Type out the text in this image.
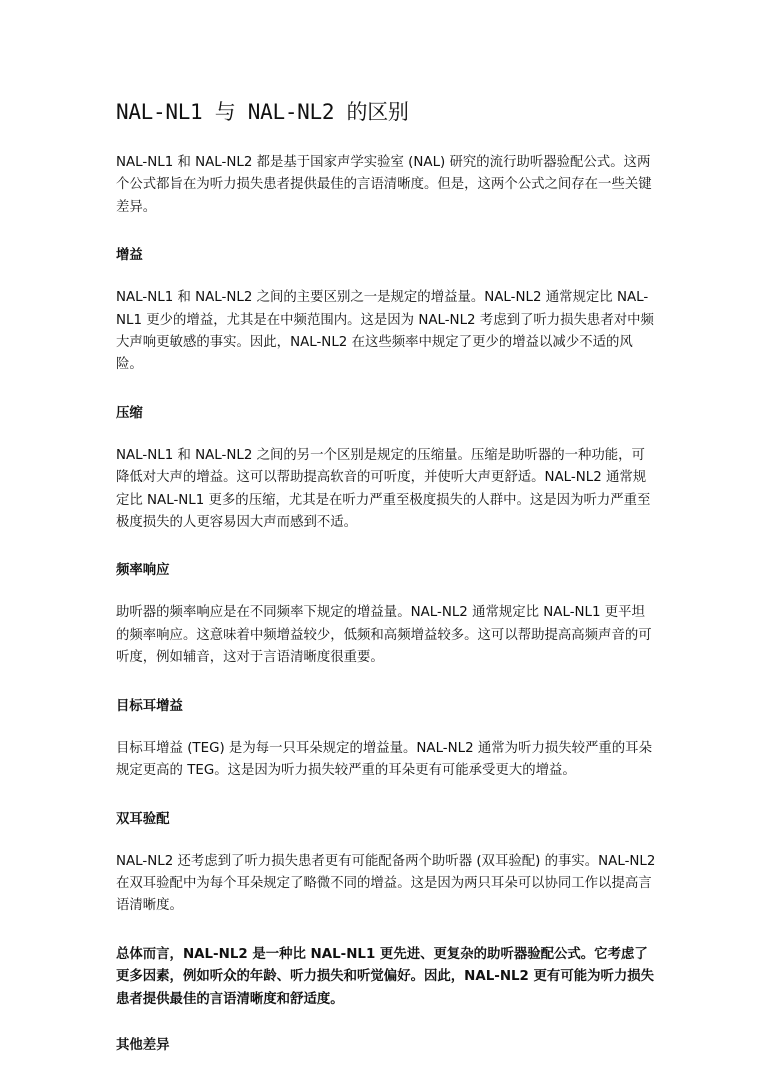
NAL-NL1 与 NAL-NL2 的区别

NAL-NL1 和 NAL-NL2 都是基于国家声学实验室 (NAL) 研究的流行助听器验配公式。这两个公式都旨在为听力损失患者提供最佳的言语清晰度。但是，这两个公式之间存在一些关键差异。

增益

NAL-NL1 和 NAL-NL2 之间的主要区别之一是规定的增益量。NAL-NL2 通常规定比 NAL-NL1 更少的增益，尤其是在中频范围内。这是因为 NAL-NL2 考虑到了听力损失患者对中频大声响更敏感的事实。因此，NAL-NL2 在这些频率中规定了更少的增益以减少不适的风险。

压缩

NAL-NL1 和 NAL-NL2 之间的另一个区别是规定的压缩量。压缩是助听器的一种功能，可降低对大声的增益。这可以帮助提高软音的可听度，并使听大声更舒适。NAL-NL2 通常规定比 NAL-NL1 更多的压缩，尤其是在听力严重至极度损失的人群中。这是因为听力严重至极度损失的人更容易因大声而感到不适。

频率响应

助听器的频率响应是在不同频率下规定的增益量。NAL-NL2 通常规定比 NAL-NL1 更平坦的频率响应。这意味着中频增益较少，低频和高频增益较多。这可以帮助提高高频声音的可听度，例如辅音，这对于言语清晰度很重要。

目标耳增益

目标耳增益 (TEG) 是为每一只耳朵规定的增益量。NAL-NL2 通常为听力损失较严重的耳朵规定更高的 TEG。这是因为听力损失较严重的耳朵更有可能承受更大的增益。

双耳验配

NAL-NL2 还考虑到了听力损失患者更有可能配备两个助听器 (双耳验配) 的事实。NAL-NL2 在双耳验配中为每个耳朵规定了略微不同的增益。这是因为两只耳朵可以协同工作以提高言语清晰度。

总体而言，NAL-NL2 是一种比 NAL-NL1 更先进、更复杂的助听器验配公式。它考虑了更多因素，例如听众的年龄、听力损失和听觉偏好。因此，NAL-NL2 更有可能为听力损失患者提供最佳的言语清晰度和舒适度。

其他差异
